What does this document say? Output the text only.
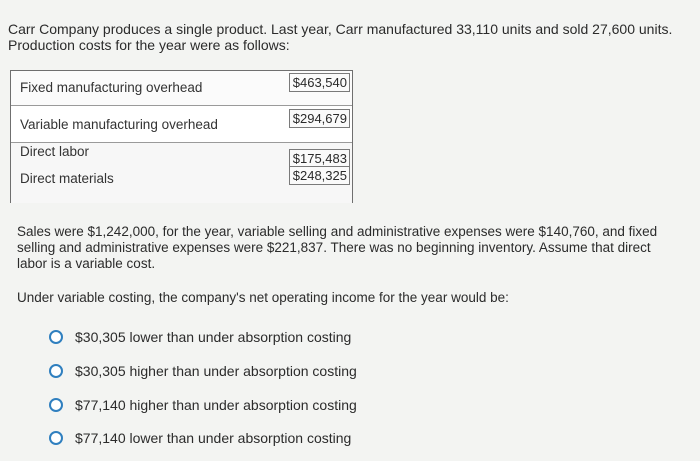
Carr Company produces a single product. Last year, Carr manufactured 33,110 units and sold 27,600 units. Production costs for the year were as follows:
Fixed manufacturing overhead	$463,540
Variable manufacturing overhead	$294,679
Direct labor
Direct materials
$175,483
$248,325
Sales were $1,242,000, for the year, variable selling and administrative expenses were $140,760, and fixed selling and administrative expenses were $221,837. There was no beginning inventory. Assume that direct labor is a variable cost.
Under variable costing, the company's net operating income for the year would be:
$30,305 lower than under absorption costing
$30,305 higher than under absorption costing
$77,140 higher than under absorption costing
$77,140 lower than under absorption costing
